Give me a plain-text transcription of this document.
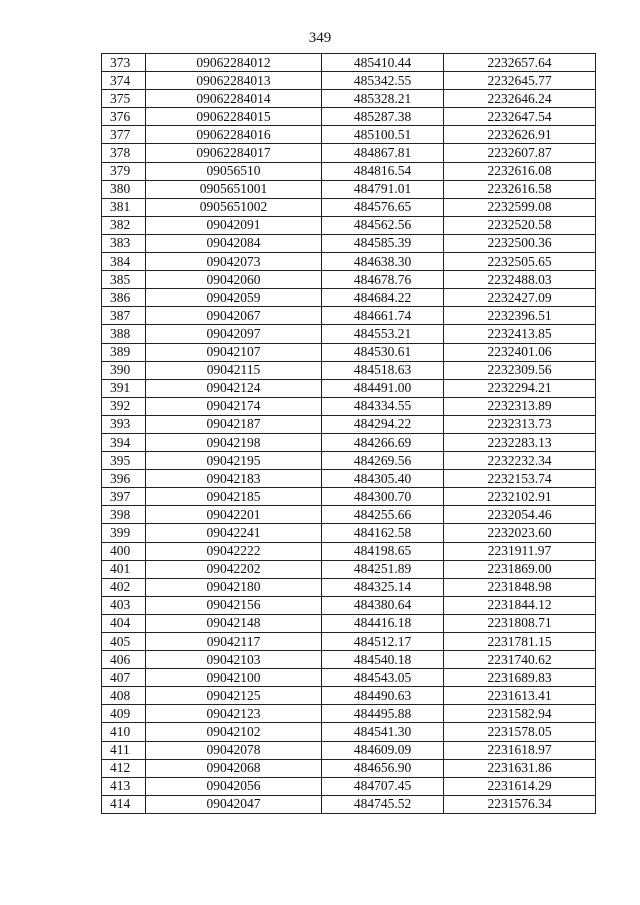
349
373	09062284012	485410.44	2232657.64
374	09062284013	485342.55	2232645.77
375	09062284014	485328.21	2232646.24
376	09062284015	485287.38	2232647.54
377	09062284016	485100.51	2232626.91
378	09062284017	484867.81	2232607.87
379	09056510	484816.54	2232616.08
380	0905651001	484791.01	2232616.58
381	0905651002	484576.65	2232599.08
382	09042091	484562.56	2232520.58
383	09042084	484585.39	2232500.36
384	09042073	484638.30	2232505.65
385	09042060	484678.76	2232488.03
386	09042059	484684.22	2232427.09
387	09042067	484661.74	2232396.51
388	09042097	484553.21	2232413.85
389	09042107	484530.61	2232401.06
390	09042115	484518.63	2232309.56
391	09042124	484491.00	2232294.21
392	09042174	484334.55	2232313.89
393	09042187	484294.22	2232313.73
394	09042198	484266.69	2232283.13
395	09042195	484269.56	2232232.34
396	09042183	484305.40	2232153.74
397	09042185	484300.70	2232102.91
398	09042201	484255.66	2232054.46
399	09042241	484162.58	2232023.60
400	09042222	484198.65	2231911.97
401	09042202	484251.89	2231869.00
402	09042180	484325.14	2231848.98
403	09042156	484380.64	2231844.12
404	09042148	484416.18	2231808.71
405	09042117	484512.17	2231781.15
406	09042103	484540.18	2231740.62
407	09042100	484543.05	2231689.83
408	09042125	484490.63	2231613.41
409	09042123	484495.88	2231582.94
410	09042102	484541.30	2231578.05
411	09042078	484609.09	2231618.97
412	09042068	484656.90	2231631.86
413	09042056	484707.45	2231614.29
414	09042047	484745.52	2231576.34
